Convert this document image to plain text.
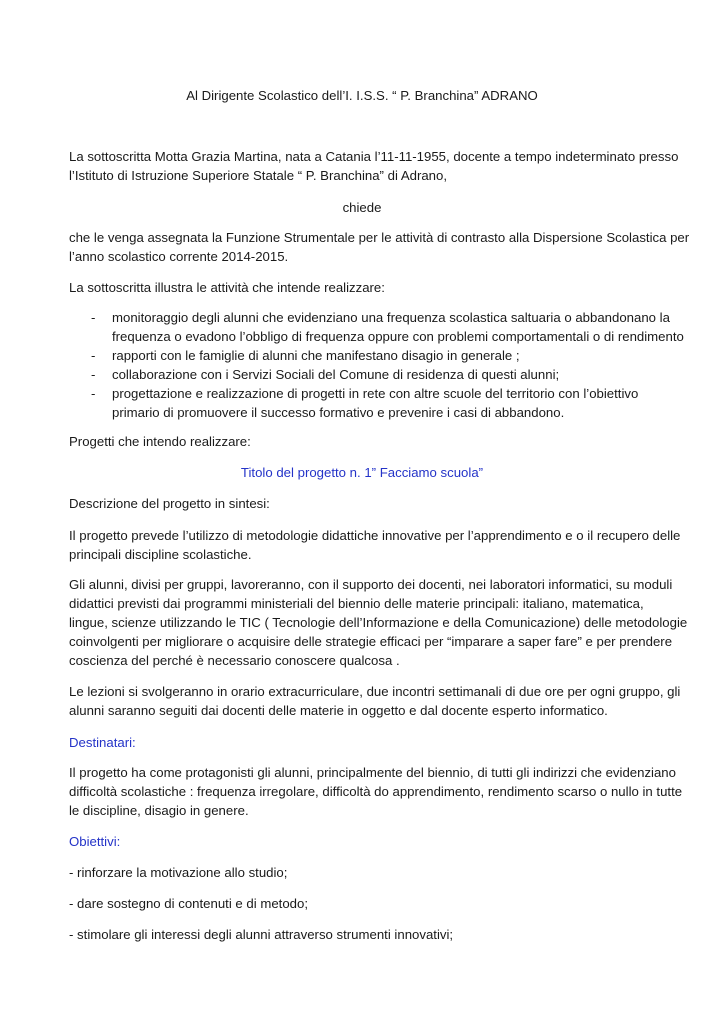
Al Dirigente Scolastico dell’I. I.S.S. “ P. Branchina” ADRANO
La sottoscritta Motta Grazia Martina, nata a Catania l’11-11-1955, docente a tempo indeterminato presso
l’Istituto di Istruzione Superiore Statale “ P. Branchina” di Adrano,
chiede
che le venga assegnata la Funzione Strumentale per le attività di contrasto alla Dispersione Scolastica per
l’anno scolastico corrente 2014-2015.
La sottoscritta illustra le attività che intende realizzare:
- monitoraggio degli alunni che evidenziano una frequenza scolastica saltuaria o abbandonano la
frequenza o evadono l’obbligo di frequenza oppure con problemi comportamentali o di rendimento
- rapporti con le famiglie di alunni che manifestano disagio in generale ;
- collaborazione con i Servizi Sociali del Comune di residenza di questi alunni;
- progettazione e realizzazione di progetti in rete con altre scuole del territorio con l’obiettivo
primario di promuovere il successo formativo e prevenire i casi di abbandono.
Progetti che intendo realizzare:
Titolo del progetto n. 1” Facciamo scuola”
Descrizione del progetto in sintesi:
Il progetto prevede l’utilizzo di metodologie didattiche innovative per l’apprendimento e o il recupero delle
principali discipline scolastiche.
Gli alunni, divisi per gruppi, lavoreranno, con il supporto dei docenti, nei laboratori informatici, su moduli
didattici previsti dai programmi ministeriali del biennio delle materie principali: italiano, matematica,
lingue, scienze utilizzando le TIC ( Tecnologie dell’Informazione e della Comunicazione) delle metodologie
coinvolgenti per migliorare o acquisire delle strategie efficaci per “imparare a saper fare” e per prendere
coscienza del perché è necessario conoscere qualcosa .
Le lezioni si svolgeranno in orario extracurriculare, due incontri settimanali di due ore per ogni gruppo, gli
alunni saranno seguiti dai docenti delle materie in oggetto e dal docente esperto informatico.
Destinatari:
Il progetto ha come protagonisti gli alunni, principalmente del biennio, di tutti gli indirizzi che evidenziano
difficoltà scolastiche : frequenza irregolare, difficoltà do apprendimento, rendimento scarso o nullo in tutte
le discipline, disagio in genere.
Obiettivi:
- rinforzare la motivazione allo studio;
- dare sostegno di contenuti e di metodo;
- stimolare gli interessi degli alunni attraverso strumenti innovativi;
